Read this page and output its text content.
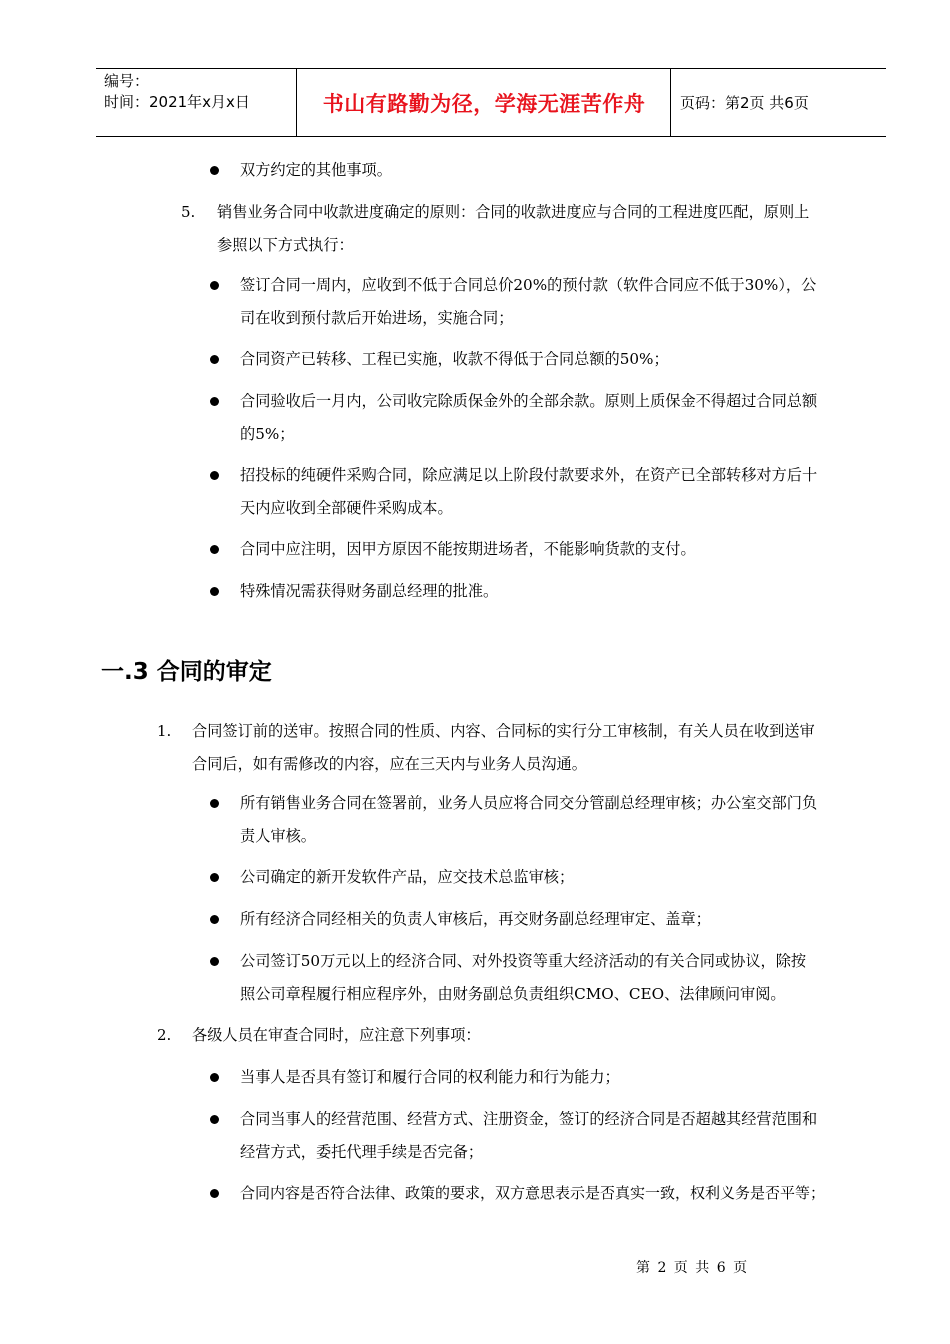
编号：
时间：2021年x月x日	书山有路勤为径，学海无涯苦作舟	页码：第2页 共6页
双方约定的其他事项。
5. 销售业务合同中收款进度确定的原则：合同的收款进度应与合同的工程进度匹配，原则上
参照以下方式执行：
签订合同一周内，应收到不低于合同总价20%的预付款（软件合同应不低于30%），公
司在收到预付款后开始进场，实施合同；
合同资产已转移、工程已实施，收款不得低于合同总额的50%；
合同验收后一月内，公司收完除质保金外的全部余款。原则上质保金不得超过合同总额
的5%；
招投标的纯硬件采购合同，除应满足以上阶段付款要求外，在资产已全部转移对方后十
天内应收到全部硬件采购成本。
合同中应注明，因甲方原因不能按期进场者，不能影响货款的支付。
特殊情况需获得财务副总经理的批准。
一.3 合同的审定
1. 合同签订前的送审。按照合同的性质、内容、合同标的实行分工审核制，有关人员在收到送审
合同后，如有需修改的内容，应在三天内与业务人员沟通。
所有销售业务合同在签署前，业务人员应将合同交分管副总经理审核；办公室交部门负
责人审核。
公司确定的新开发软件产品，应交技术总监审核；
所有经济合同经相关的负责人审核后，再交财务副总经理审定、盖章；
公司签订50万元以上的经济合同、对外投资等重大经济活动的有关合同或协议，除按
照公司章程履行相应程序外，由财务副总负责组织CMO、CEO、法律顾问审阅。
2. 各级人员在审查合同时，应注意下列事项：
当事人是否具有签订和履行合同的权利能力和行为能力；
合同当事人的经营范围、经营方式、注册资金，签订的经济合同是否超越其经营范围和
经营方式，委托代理手续是否完备；
合同内容是否符合法律、政策的要求，双方意思表示是否真实一致，权利义务是否平等；
第 2 页 共 6 页
